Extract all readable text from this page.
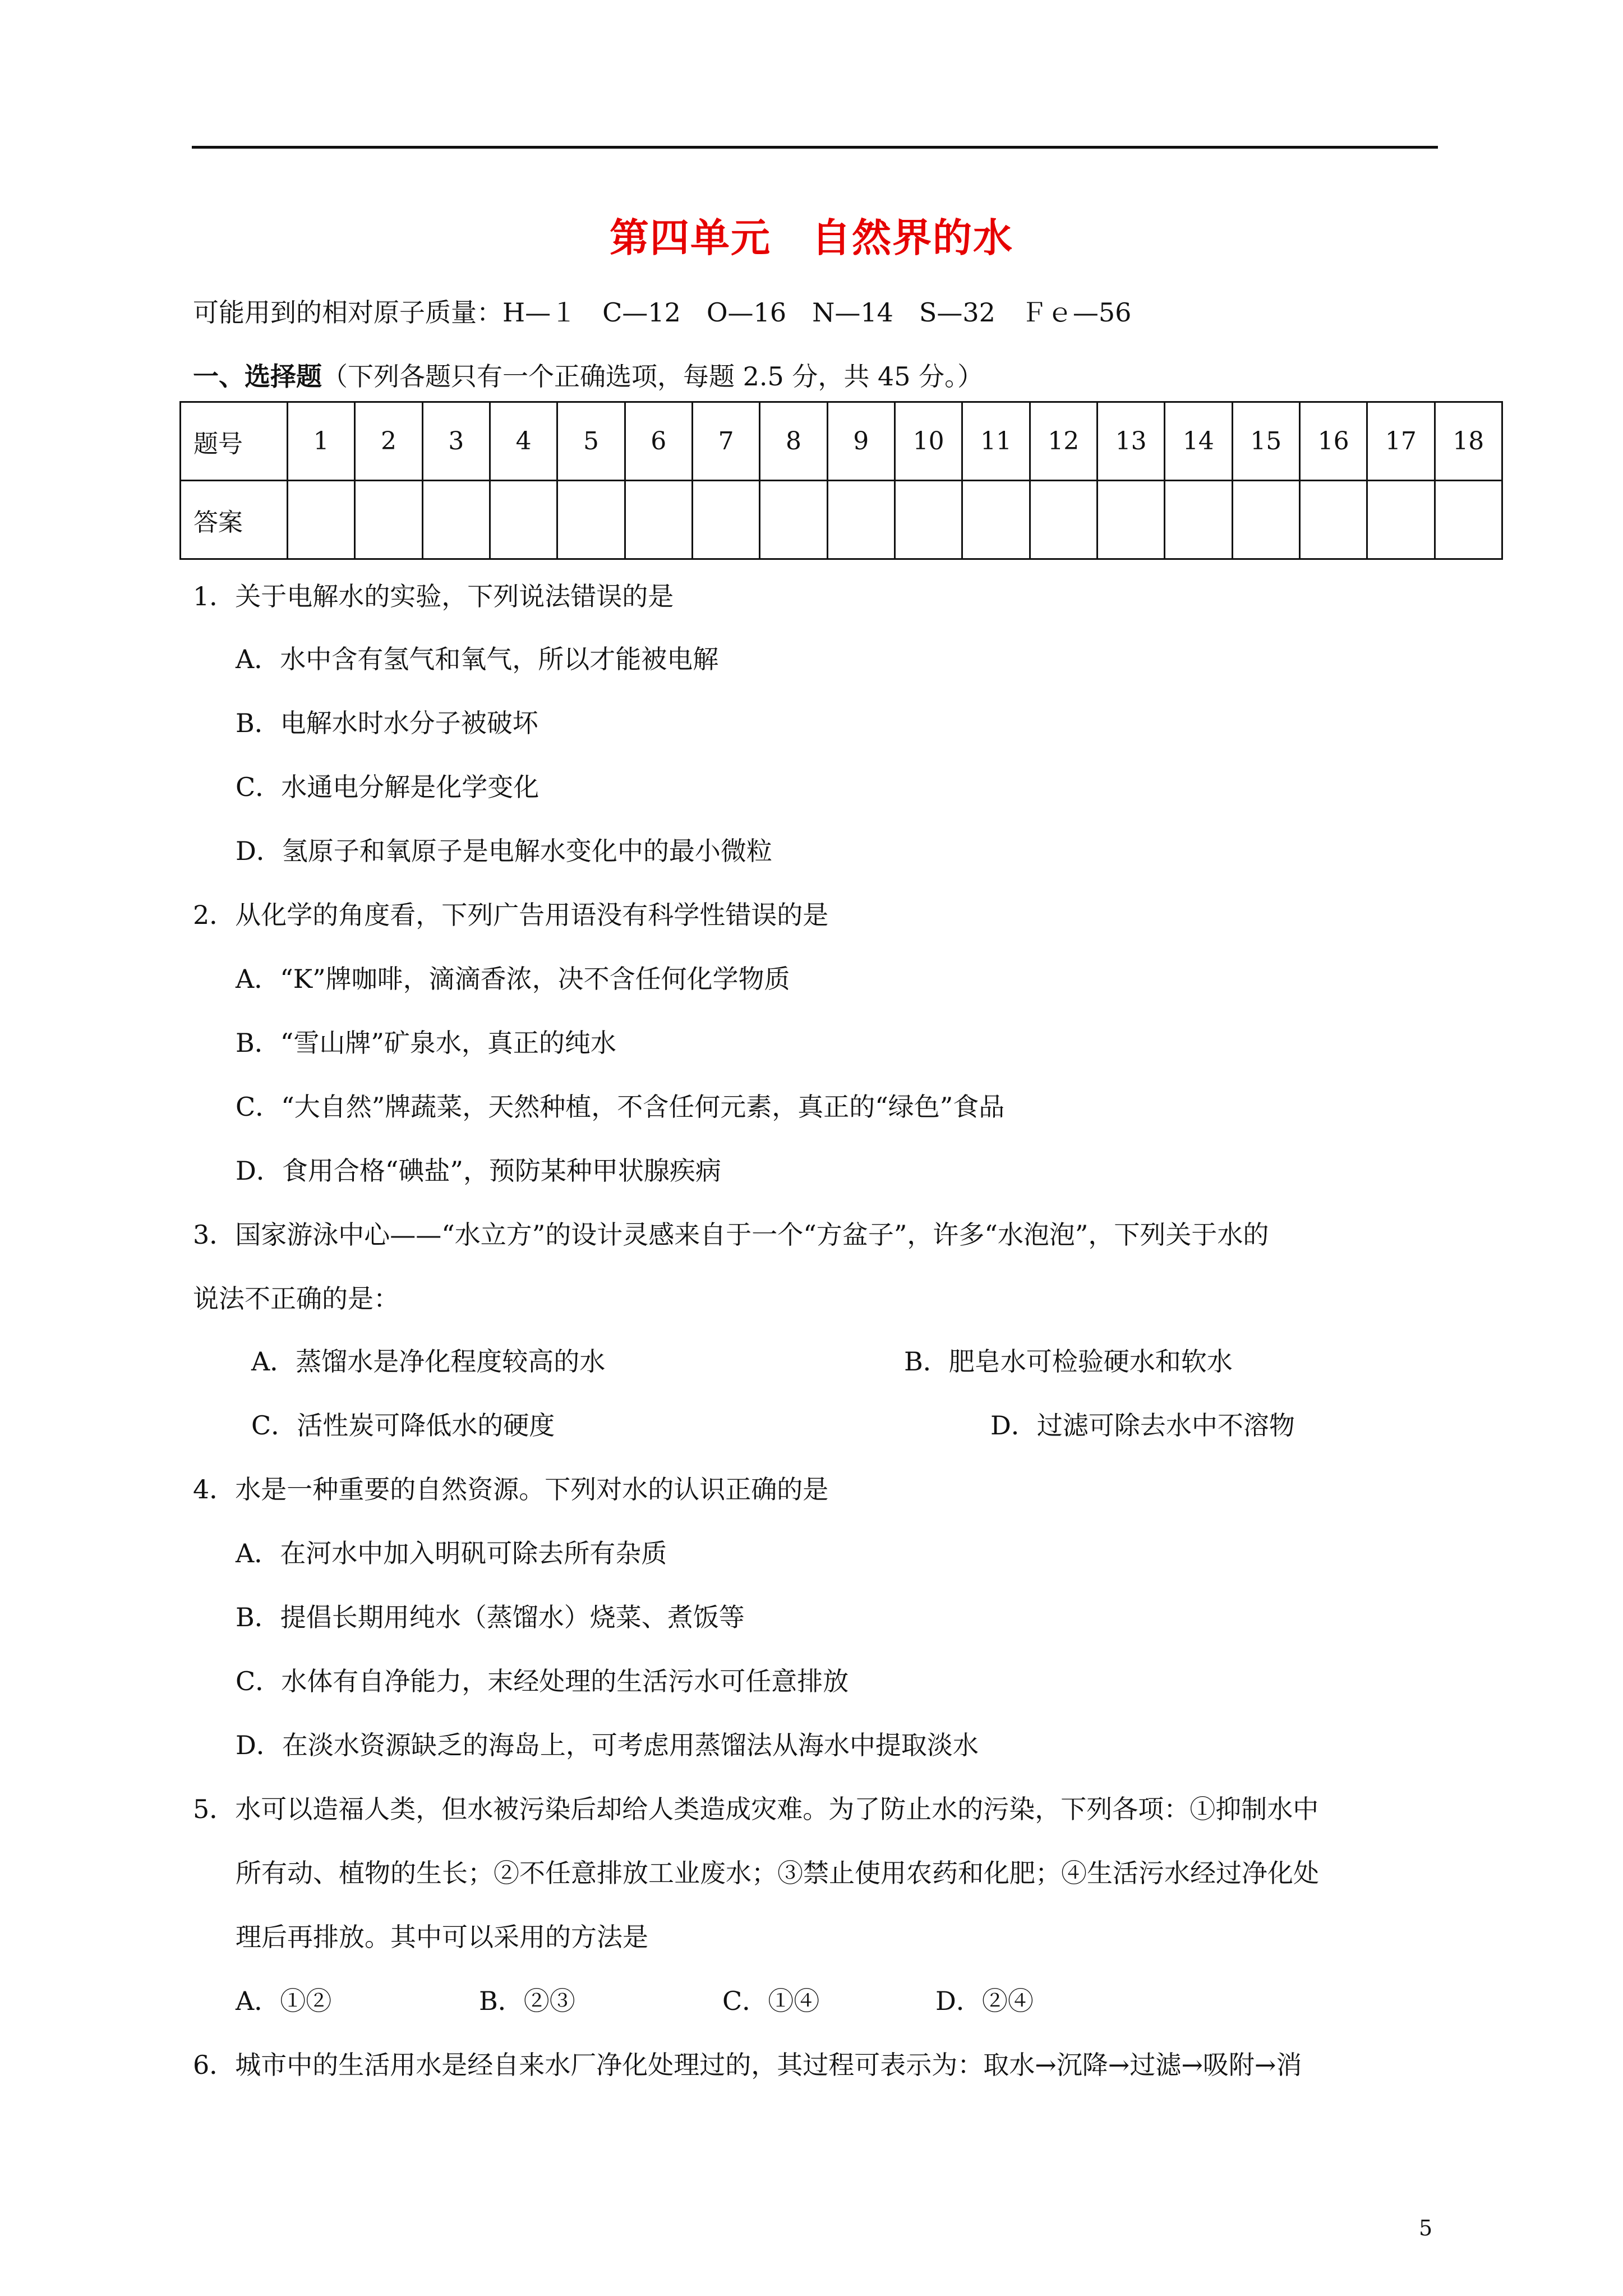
第四单元　自然界的水
可能用到的相对原子质量：H—１　C—12　O—16　N—14　S—32　Ｆｅ—56
一、选择题（下列各题只有一个正确选项，每题 2.5 分，共 45 分。）
题号	1	2	3	4	5	6	7	8	9	10	11	12	13	14	15	16	17	18
答案																		
1．关于电解水的实验，下列说法错误的是
A．水中含有氢气和氧气，所以才能被电解
B．电解水时水分子被破坏
C．水通电分解是化学变化
D．氢原子和氧原子是电解水变化中的最小微粒
2．从化学的角度看，下列广告用语没有科学性错误的是
A．“K”牌咖啡，滴滴香浓，决不含任何化学物质
B．“雪山牌”矿泉水，真正的纯水
C．“大自然”牌蔬菜，天然种植，不含任何元素，真正的“绿色”食品
D．食用合格“碘盐”，预防某种甲状腺疾病
3．国家游泳中心——“水立方”的设计灵感来自于一个“方盆子”，许多“水泡泡”，下列关于水的
说法不正确的是：
A．蒸馏水是净化程度较高的水	B．肥皂水可检验硬水和软水
C．活性炭可降低水的硬度	D．过滤可除去水中不溶物
4．水是一种重要的自然资源。下列对水的认识正确的是
A．在河水中加入明矾可除去所有杂质
B．提倡长期用纯水（蒸馏水）烧菜、煮饭等
C．水体有自净能力，末经处理的生活污水可任意排放
D．在淡水资源缺乏的海岛上，可考虑用蒸馏法从海水中提取淡水
5．水可以造福人类，但水被污染后却给人类造成灾难。为了防止水的污染，下列各项：①抑制水中
所有动、植物的生长；②不任意排放工业废水；③禁止使用农药和化肥；④生活污水经过净化处
理后再排放。其中可以采用的方法是
A．①②	B．②③	C．①④	D．②④
6．城市中的生活用水是经自来水厂净化处理过的，其过程可表示为：取水→沉降→过滤→吸附→消
5
